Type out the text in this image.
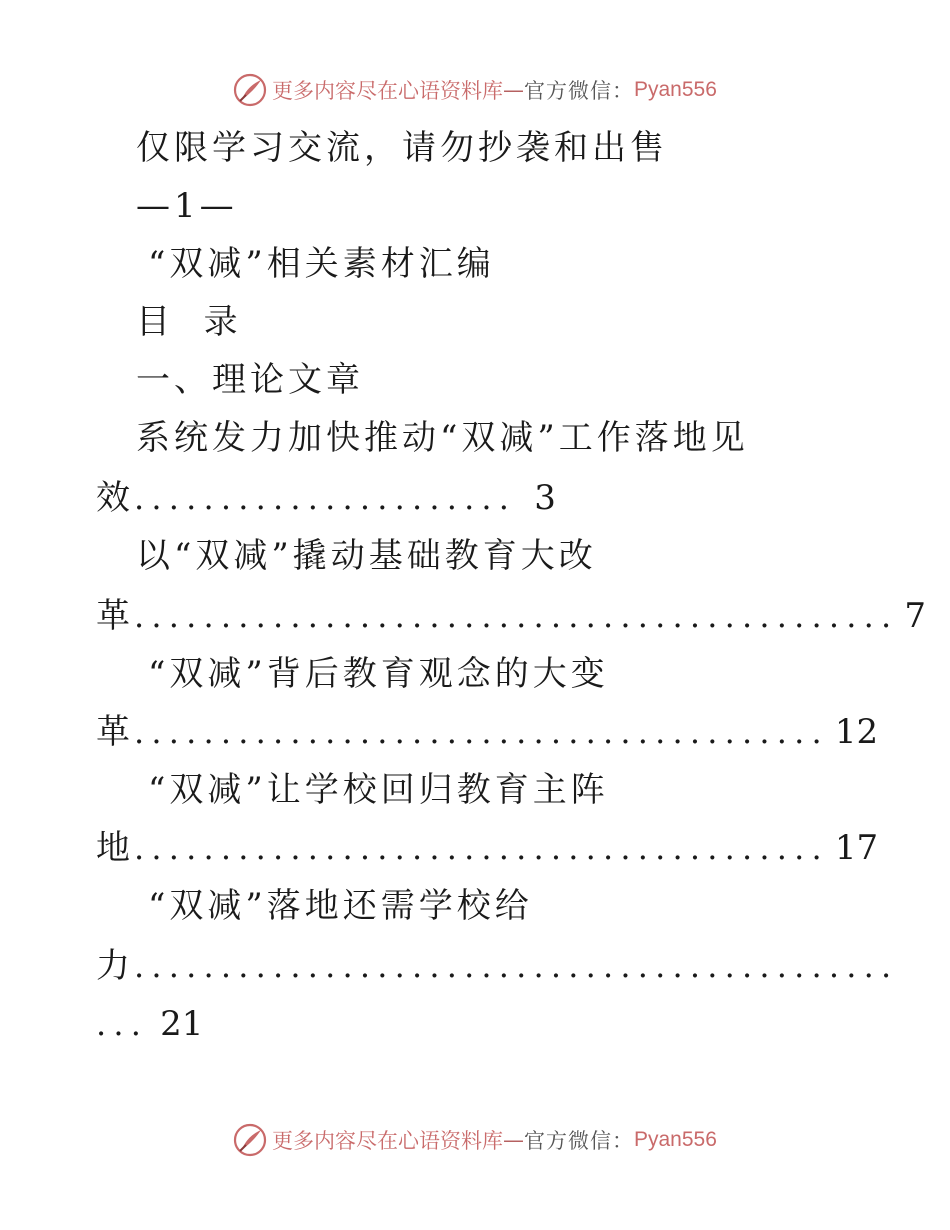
更多内容尽在心语资料库 — 官方微信： Pyan556
仅限学习交流，请勿抄袭和出售
—1—
“双减”相关素材汇编
目  录
一、理论文章
系统发力加快推动“双减”工作落地见
效 ...................... 3
以“双减”撬动基础教育大改
革 ............................................ 7
“双减”背后教育观念的大变
革 ........................................ 12
“双减”让学校回归教育主阵
地 ........................................ 17
“双减”落地还需学校给
力 ............................................
... 21
更多内容尽在心语资料库 — 官方微信： Pyan556
